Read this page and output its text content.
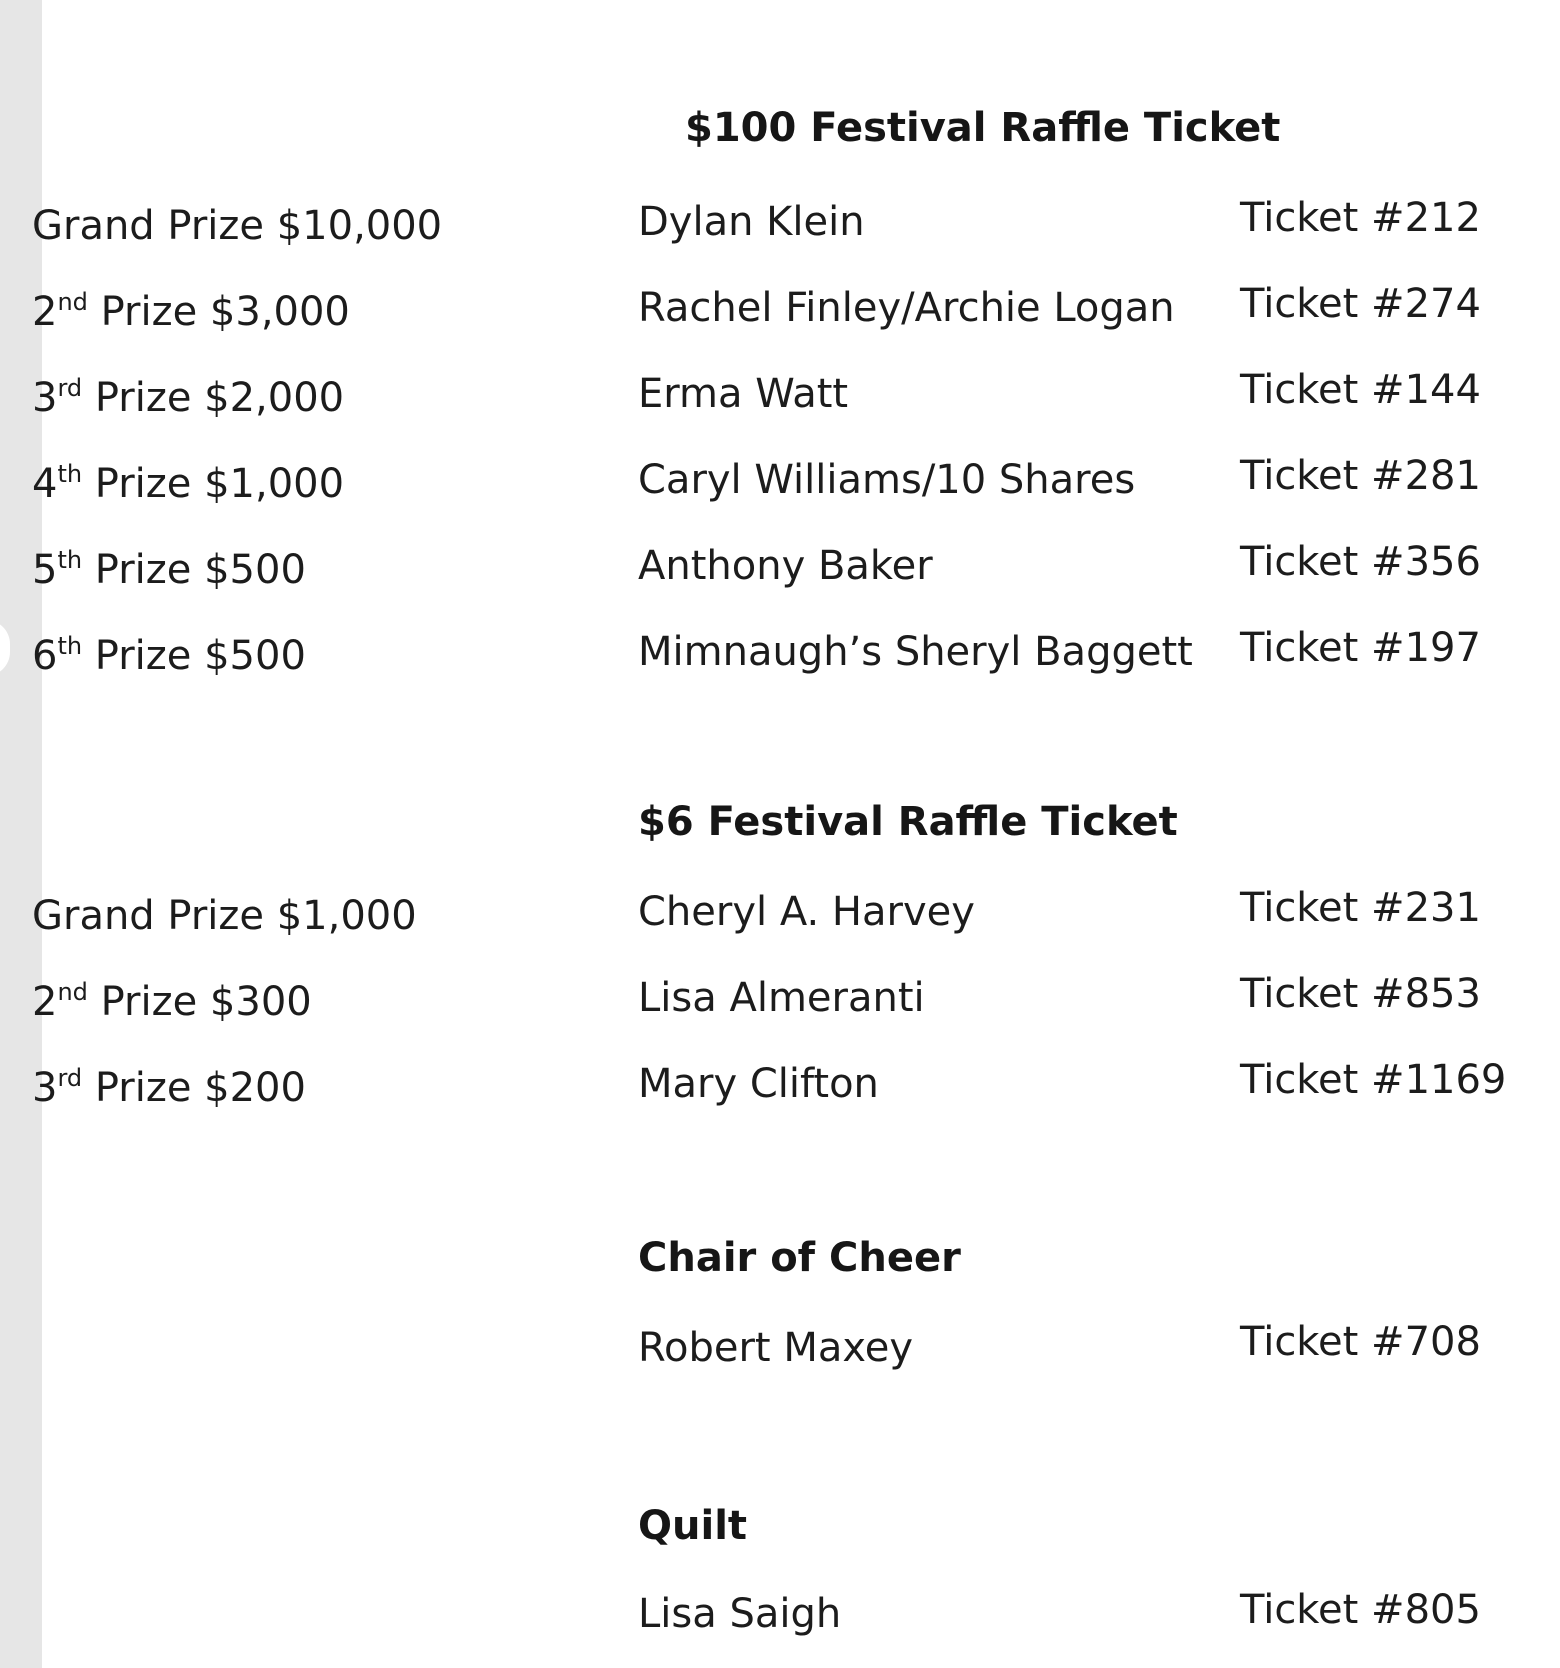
$100 Festival Raffle Ticket
Grand Prize $10,000	Dylan Klein	Ticket #212
2nd Prize $3,000	Rachel Finley/Archie Logan Ticket #274
3rd Prize $2,000	Erma Watt	Ticket #144
4th Prize $1,000	Caryl Williams/10 Shares	Ticket #281
5th Prize $500	Anthony Baker	Ticket #356
6th Prize $500	Mimnaugh’s Sheryl Baggett Ticket #197
$6 Festival Raffle Ticket
Grand Prize $1,000	Cheryl A. Harvey	Ticket #231
2nd Prize $300	Lisa Almeranti	Ticket #853
3rd Prize $200	Mary Clifton	Ticket #1169
Chair of Cheer
Robert Maxey	Ticket #708
Quilt
Lisa Saigh	Ticket #805
